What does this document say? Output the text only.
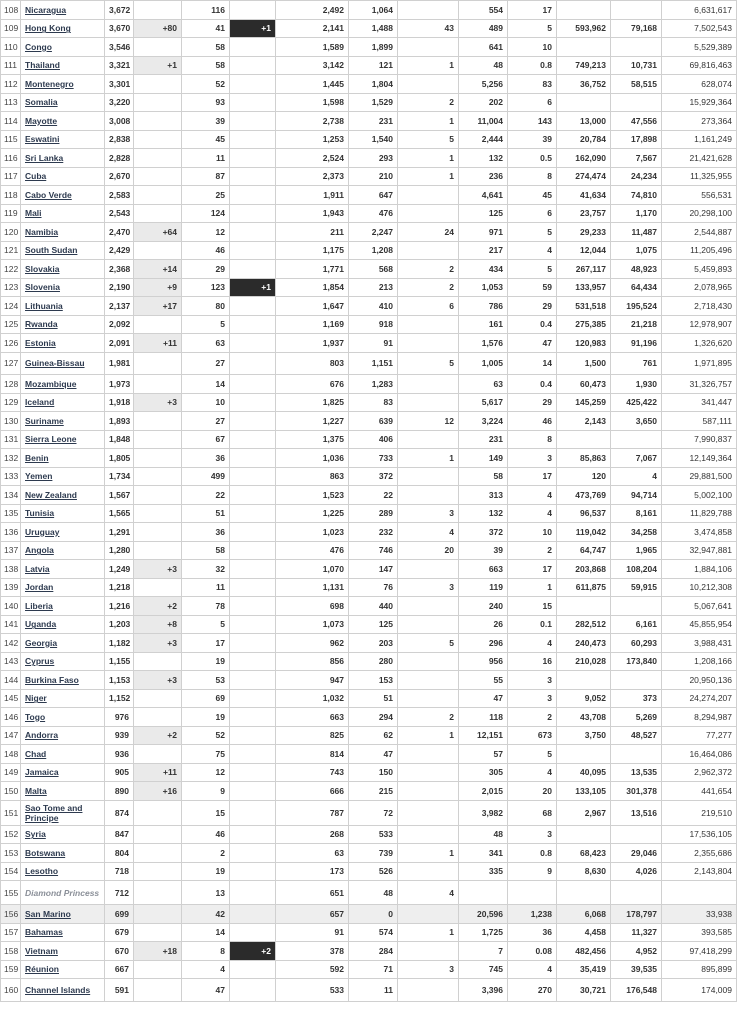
108	Nicaragua	3,672		116		2,492	1,064		554	17			6,631,617
109	Hong Kong	3,670	+80	41	+1	2,141	1,488	43	489	5	593,962	79,168	7,502,543
110	Congo	3,546		58		1,589	1,899		641	10			5,529,389
111	Thailand	3,321	+1	58		3,142	121	1	48	0.8	749,213	10,731	69,816,463
112	Montenegro	3,301		52		1,445	1,804		5,256	83	36,752	58,515	628,074
113	Somalia	3,220		93		1,598	1,529	2	202	6			15,929,364
114	Mayotte	3,008		39		2,738	231	1	11,004	143	13,000	47,556	273,364
115	Eswatini	2,838		45		1,253	1,540	5	2,444	39	20,784	17,898	1,161,249
116	Sri Lanka	2,828		11		2,524	293	1	132	0.5	162,090	7,567	21,421,628
117	Cuba	2,670		87		2,373	210	1	236	8	274,474	24,234	11,325,955
118	Cabo Verde	2,583		25		1,911	647		4,641	45	41,634	74,810	556,531
119	Mali	2,543		124		1,943	476		125	6	23,757	1,170	20,298,100
120	Namibia	2,470	+64	12		211	2,247	24	971	5	29,233	11,487	2,544,887
121	South Sudan	2,429		46		1,175	1,208		217	4	12,044	1,075	11,205,496
122	Slovakia	2,368	+14	29		1,771	568	2	434	5	267,117	48,923	5,459,893
123	Slovenia	2,190	+9	123	+1	1,854	213	2	1,053	59	133,957	64,434	2,078,965
124	Lithuania	2,137	+17	80		1,647	410	6	786	29	531,518	195,524	2,718,430
125	Rwanda	2,092		5		1,169	918		161	0.4	275,385	21,218	12,978,907
126	Estonia	2,091	+11	63		1,937	91		1,576	47	120,983	91,196	1,326,620
127	Guinea-Bissau	1,981		27		803	1,151	5	1,005	14	1,500	761	1,971,895
128	Mozambique	1,973		14		676	1,283		63	0.4	60,473	1,930	31,326,757
129	Iceland	1,918	+3	10		1,825	83		5,617	29	145,259	425,422	341,447
130	Suriname	1,893		27		1,227	639	12	3,224	46	2,143	3,650	587,111
131	Sierra Leone	1,848		67		1,375	406		231	8			7,990,837
132	Benin	1,805		36		1,036	733	1	149	3	85,863	7,067	12,149,364
133	Yemen	1,734		499		863	372		58	17	120	4	29,881,500
134	New Zealand	1,567		22		1,523	22		313	4	473,769	94,714	5,002,100
135	Tunisia	1,565		51		1,225	289	3	132	4	96,537	8,161	11,829,788
136	Uruguay	1,291		36		1,023	232	4	372	10	119,042	34,258	3,474,858
137	Angola	1,280		58		476	746	20	39	2	64,747	1,965	32,947,881
138	Latvia	1,249	+3	32		1,070	147		663	17	203,868	108,204	1,884,106
139	Jordan	1,218		11		1,131	76	3	119	1	611,875	59,915	10,212,308
140	Liberia	1,216	+2	78		698	440		240	15			5,067,641
141	Uganda	1,203	+8	5		1,073	125		26	0.1	282,512	6,161	45,855,954
142	Georgia	1,182	+3	17		962	203	5	296	4	240,473	60,293	3,988,431
143	Cyprus	1,155		19		856	280		956	16	210,028	173,840	1,208,166
144	Burkina Faso	1,153	+3	53		947	153		55	3			20,950,136
145	Niger	1,152		69		1,032	51		47	3	9,052	373	24,274,207
146	Togo	976		19		663	294	2	118	2	43,708	5,269	8,294,987
147	Andorra	939	+2	52		825	62	1	12,151	673	3,750	48,527	77,277
148	Chad	936		75		814	47		57	5			16,464,086
149	Jamaica	905	+11	12		743	150		305	4	40,095	13,535	2,962,372
150	Malta	890	+16	9		666	215		2,015	20	133,105	301,378	441,654
151	Sao Tome and Principe	874		15		787	72		3,982	68	2,967	13,516	219,510
152	Syria	847		46		268	533		48	3			17,536,105
153	Botswana	804		2		63	739	1	341	0.8	68,423	29,046	2,355,686
154	Lesotho	718		19		173	526		335	9	8,630	4,026	2,143,804
155	Diamond Princess	712		13		651	48	4					
156	San Marino	699		42		657	0		20,596	1,238	6,068	178,797	33,938
157	Bahamas	679		14		91	574	1	1,725	36	4,458	11,327	393,585
158	Vietnam	670	+18	8	+2	378	284		7	0.08	482,456	4,952	97,418,299
159	Réunion	667		4		592	71	3	745	4	35,419	39,535	895,899
160	Channel Islands	591		47		533	11		3,396	270	30,721	176,548	174,009
